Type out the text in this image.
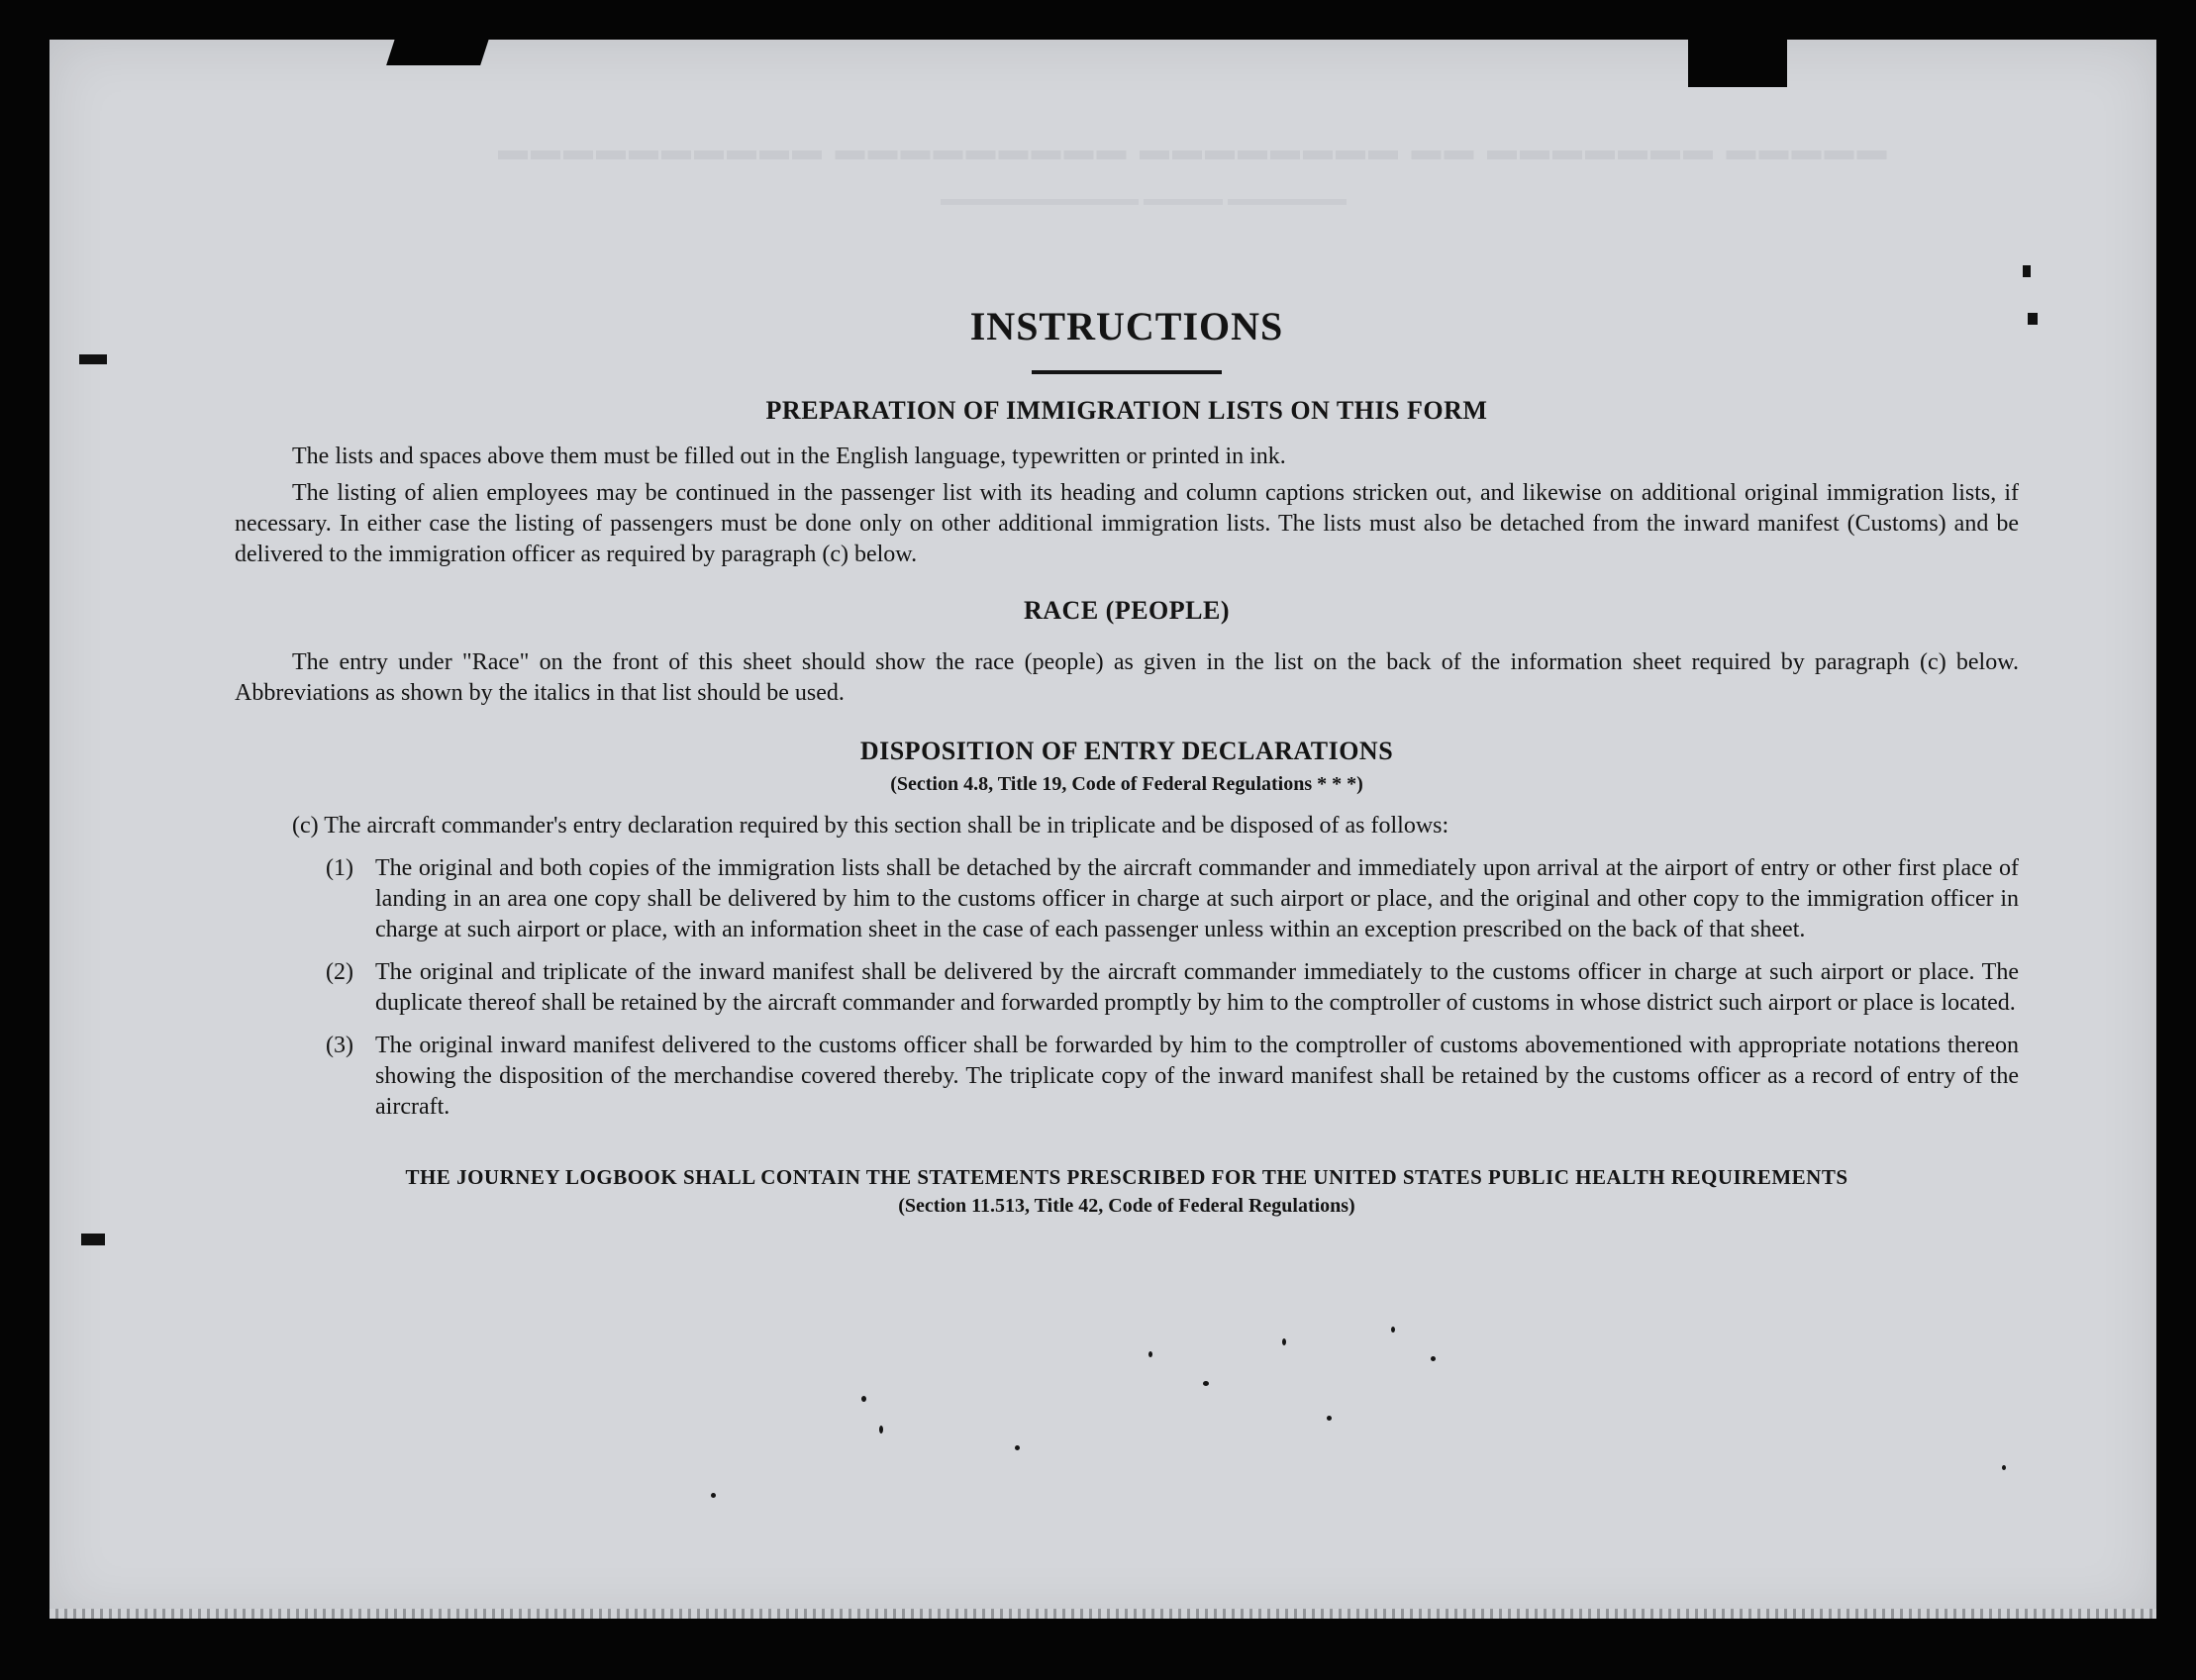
▬▬▬▬▬ ▬▬▬▬▬▬▬ ▬▬ ▬▬▬▬▬▬▬▬ ▬▬▬▬▬▬▬▬▬ ▬▬▬▬▬▬▬▬▬▬
▬▬▬▬▬▬ ▬▬▬▬ ▬▬▬▬▬▬▬▬▬▬
INSTRUCTIONS
PREPARATION OF IMMIGRATION LISTS ON THIS FORM

The lists and spaces above them must be filled out in the English language, typewritten or printed in ink.

The listing of alien employees may be continued in the passenger list with its heading and column captions stricken out, and likewise on additional original immigration lists, if necessary. In either case the listing of passengers must be done only on other additional immigration lists. The lists must also be detached from the inward manifest (Customs) and be delivered to the immigration officer as required by paragraph (c) below.

RACE (PEOPLE)

The entry under "Race" on the front of this sheet should show the race (people) as given in the list on the back of the information sheet required by paragraph (c) below. Abbreviations as shown by the italics in that list should be used.

DISPOSITION OF ENTRY DECLARATIONS
(Section 4.8, Title 19, Code of Federal Regulations * * *)

(c) The aircraft commander's entry declaration required by this section shall be in triplicate and be disposed of as follows:

(1) The original and both copies of the immigration lists shall be detached by the aircraft commander and immediately upon arrival at the airport of entry or other first place of landing in an area one copy shall be delivered by him to the customs officer in charge at such airport or place, and the original and other copy to the immigration officer in charge at such airport or place, with an information sheet in the case of each passenger unless within an exception prescribed on the back of that sheet.

(2) The original and triplicate of the inward manifest shall be delivered by the aircraft commander immediately to the customs officer in charge at such airport or place. The duplicate thereof shall be retained by the aircraft commander and forwarded promptly by him to the comptroller of customs in whose district such airport or place is located.

(3) The original inward manifest delivered to the customs officer shall be forwarded by him to the comptroller of customs abovementioned with appropriate notations thereon showing the disposition of the merchandise covered thereby. The triplicate copy of the inward manifest shall be retained by the customs officer as a record of entry of the aircraft.

THE JOURNEY LOGBOOK SHALL CONTAIN THE STATEMENTS PRESCRIBED FOR THE UNITED STATES PUBLIC HEALTH REQUIREMENTS
(Section 11.513, Title 42, Code of Federal Regulations)
